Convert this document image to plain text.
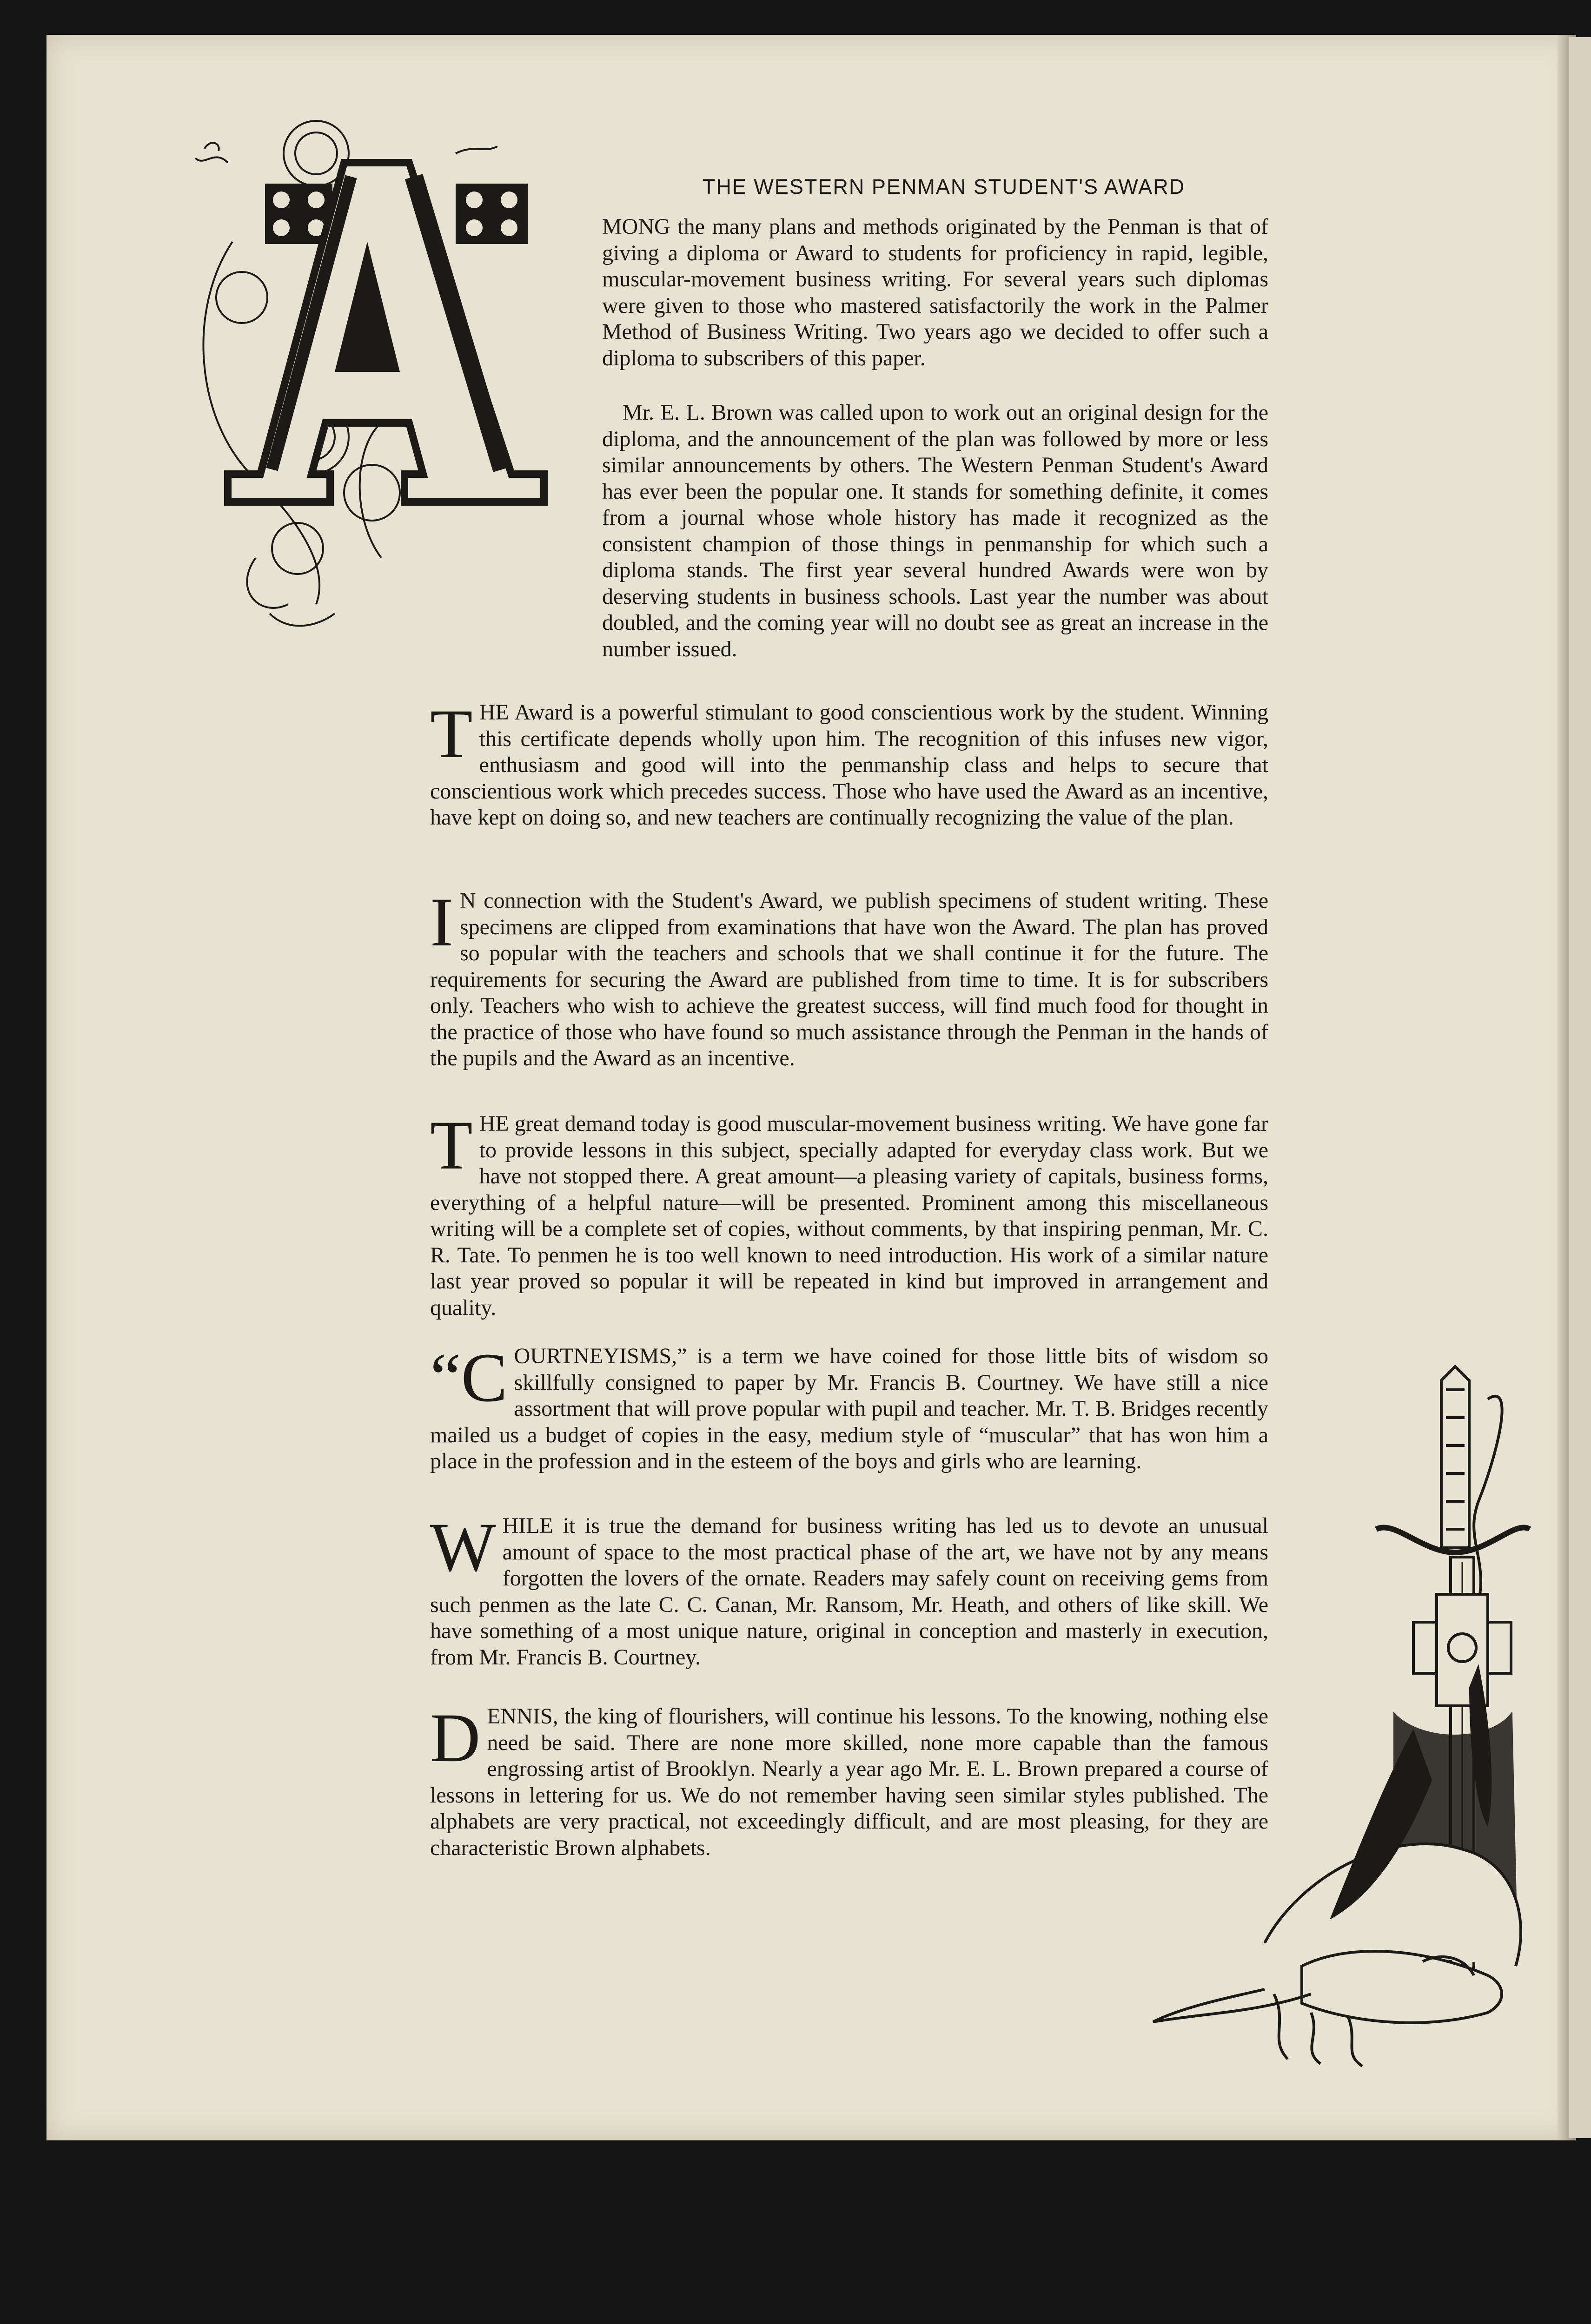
THE WESTERN PENMAN STUDENT'S AWARD

MONG the many plans and methods originated by the Penman is that of giving a diploma or Award to students for proficiency in rapid, legible, muscular-movement business writing. For several years such diplomas were given to those who mastered satisfactorily the work in the Palmer Method of Business Writing. Two years ago we decided to offer such a diploma to subscribers of this paper.

Mr. E. L. Brown was called upon to work out an original design for the diploma, and the announcement of the plan was followed by more or less similar announcements by others. The Western Penman Student's Award has ever been the popular one. It stands for something definite, it comes from a journal whose whole history has made it recognized as the consistent champion of those things in penmanship for which such a diploma stands. The first year several hundred Awards were won by deserving students in business schools. Last year the number was about doubled, and the coming year will no doubt see as great an increase in the number issued.

T HE Award is a powerful stimulant to good conscientious work by the student. Winning this certificate depends wholly upon him. The recognition of this infuses new vigor, enthusiasm and good will into the penmanship class and helps to secure that conscientious work which precedes success. Those who have used the Award as an incentive, have kept on doing so, and new teachers are continually recognizing the value of the plan.

I N connection with the Student's Award, we publish specimens of student writing. These specimens are clipped from examinations that have won the Award. The plan has proved so popular with the teachers and schools that we shall continue it for the future. The requirements for securing the Award are published from time to time. It is for subscribers only. Teachers who wish to achieve the greatest success, will find much food for thought in the practice of those who have found so much assistance through the Penman in the hands of the pupils and the Award as an incentive.

T HE great demand today is good muscular-movement business writing. We have gone far to provide lessons in this subject, specially adapted for everyday class work. But we have not stopped there. A great amount—a pleasing variety of capitals, business forms, everything of a helpful nature—will be presented. Prominent among this miscellaneous writing will be a complete set of copies, without comments, by that inspiring penman, Mr. C. R. Tate. To penmen he is too well known to need introduction. His work of a similar nature last year proved so popular it will be repeated in kind but improved in arrangement and quality.

“C OURTNEYISMS,” is a term we have coined for those little bits of wisdom so skillfully consigned to paper by Mr. Francis B. Courtney. We have still a nice assortment that will prove popular with pupil and teacher. Mr. T. B. Bridges recently mailed us a budget of copies in the easy, medium style of “muscular” that has won him a place in the profession and in the esteem of the boys and girls who are learning.

W HILE it is true the demand for business writing has led us to devote an unusual amount of space to the most practical phase of the art, we have not by any means forgotten the lovers of the ornate. Readers may safely count on receiving gems from such penmen as the late C. C. Canan, Mr. Ransom, Mr. Heath, and others of like skill. We have something of a most unique nature, original in conception and masterly in execution, from Mr. Francis B. Courtney.

D ENNIS, the king of flourishers, will continue his lessons. To the knowing, nothing else need be said. There are none more skilled, none more capable than the famous engrossing artist of Brooklyn. Nearly a year ago Mr. E. L. Brown prepared a course of lessons in lettering for us. We do not remember having seen similar styles published. The alphabets are very practical, not exceedingly difficult, and are most pleasing, for they are characteristic Brown alphabets.
